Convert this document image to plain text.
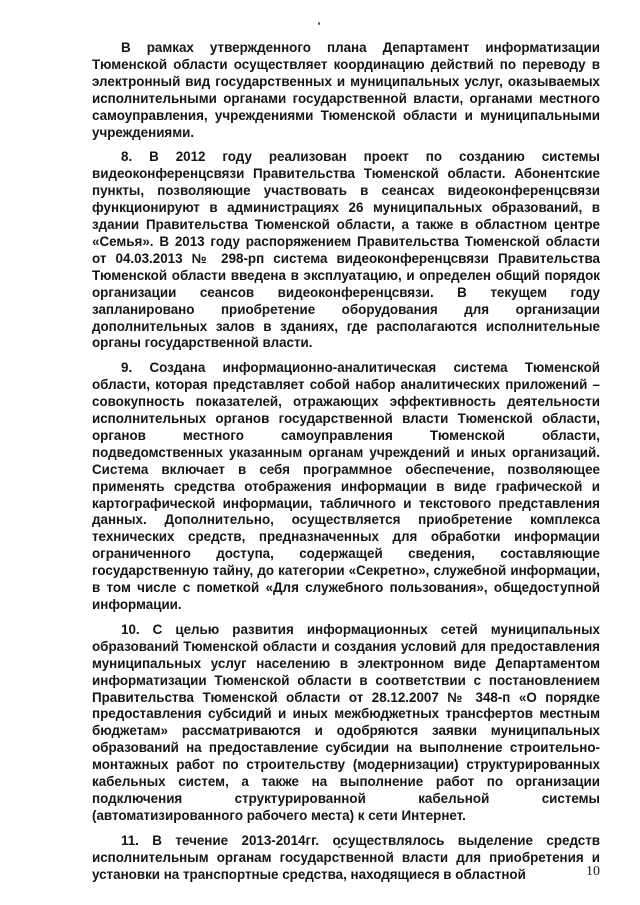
В рамках утвержденного плана Департамент информатизации Тюменской области осуществляет координацию действий по переводу в электронный вид государственных и муниципальных услуг, оказываемых исполнительными органами государственной власти, органами местного самоуправления, учреждениями Тюменской области и муниципальными учреждениями.

8. В 2012 году реализован проект по созданию системы видеоконференцсвязи Правительства Тюменской области. Абонентские пункты, позволяющие участвовать в сеансах видеоконференцсвязи функционируют в администрациях 26 муниципальных образований, в здании Правительства Тюменской области, а также в областном центре «Семья». В 2013 году распоряжением Правительства Тюменской области от 04.03.2013 № 298-рп система видеоконференцсвязи Правительства Тюменской области введена в эксплуатацию, и определен общий порядок организации сеансов видеоконференцсвязи. В текущем году запланировано приобретение оборудования для организации дополнительных залов в зданиях, где располагаются исполнительные органы государственной власти.

9. Создана информационно-аналитическая система Тюменской области, которая представляет собой набор аналитических приложений – совокупность показателей, отражающих эффективность деятельности исполнительных органов государственной власти Тюменской области, органов местного самоуправления Тюменской области, подведомственных указанным органам учреждений и иных организаций. Система включает в себя программное обеспечение, позволяющее применять средства отображения информации в виде графической и картографической информации, табличного и текстового представления данных. Дополнительно, осуществляется приобретение комплекса технических средств, предназначенных для обработки информации ограниченного доступа, содержащей сведения, составляющие государственную тайну, до категории «Секретно», служебной информации, в том числе с пометкой «Для служебного пользования», общедоступной информации.

10. С целью развития информационных сетей муниципальных образований Тюменской области и создания условий для предоставления муниципальных услуг населению в электронном виде Департаментом информатизации Тюменской области в соответствии с постановлением Правительства Тюменской области от 28.12.2007 № 348-п «О порядке предоставления субсидий и иных межбюджетных трансфертов местным бюджетам» рассматриваются и одобряются заявки муниципальных образований на предоставление субсидии на выполнение строительно-монтажных работ по строительству (модернизации) структурированных кабельных систем, а также на выполнение работ по организации подключения структурированной кабельной системы (автоматизированного рабочего места) к сети Интернет.

11. В течение 2013-2014гг. осуществлялось выделение средств исполнительным органам государственной власти для приобретения и установки на транспортные средства, находящиеся в областной	10
